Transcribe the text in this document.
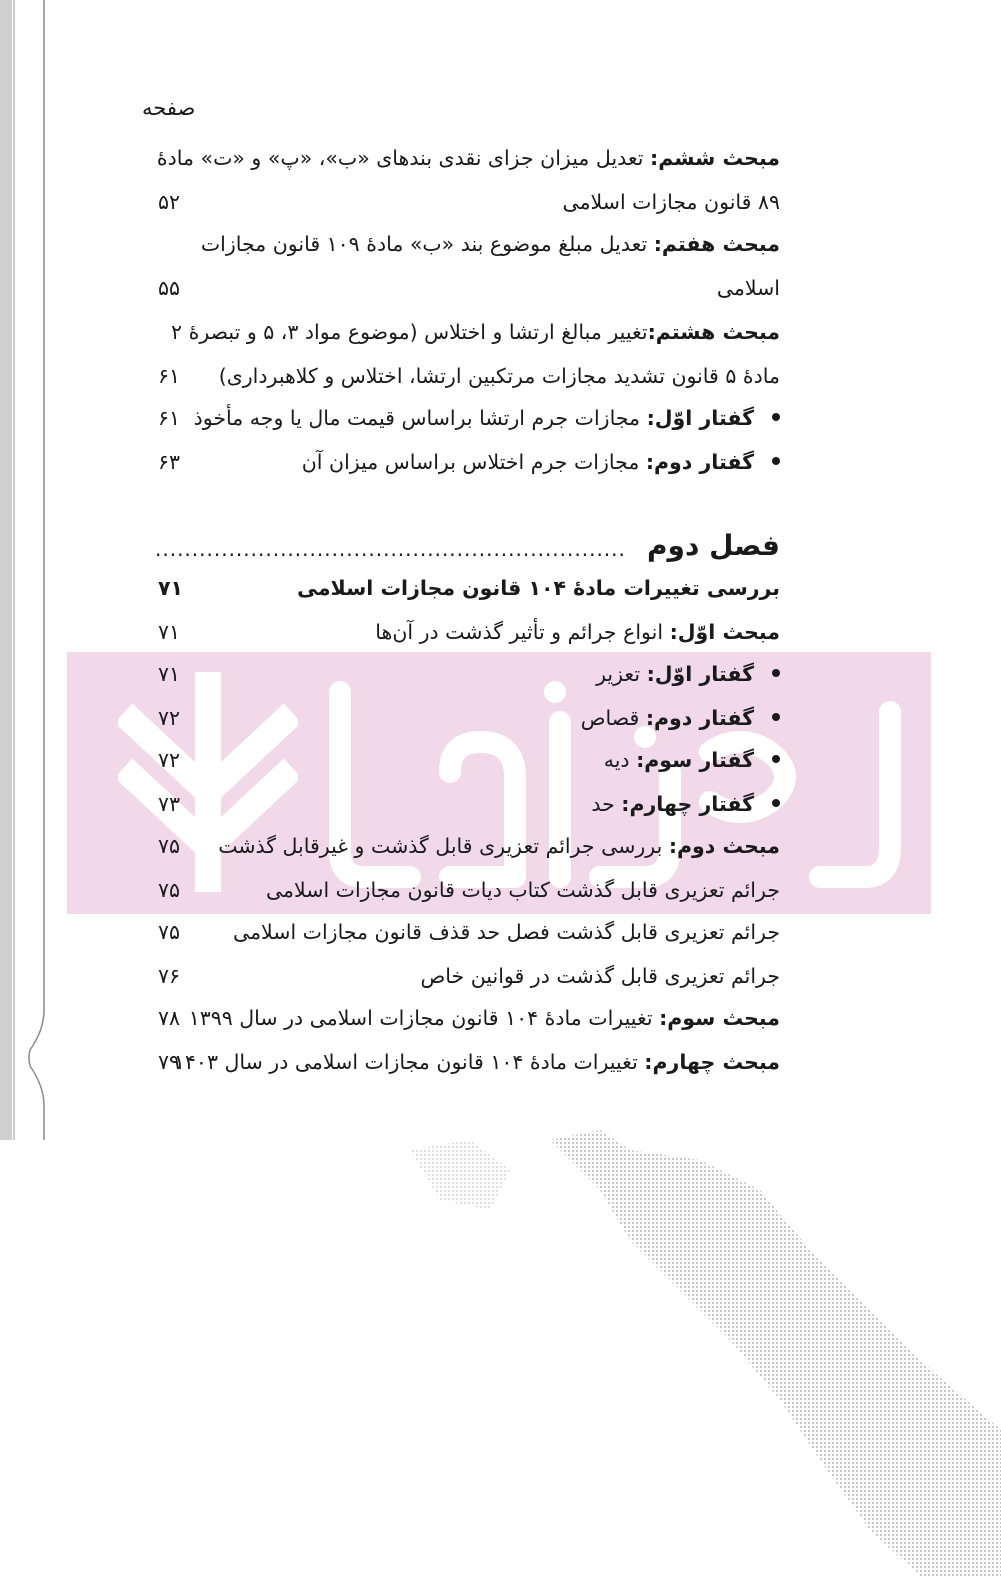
صفحه
مبحث ششم: تعدیل میزان جزای نقدی بندهای «ب»، «پ» و «ت» مادۀ
۸۹ قانون مجازات اسلامی
۵۲
مبحث هفتم: تعدیل مبلغ موضوع بند «ب» مادۀ ۱۰۹ قانون مجازات
اسلامی
۵۵
مبحث هشتم:تغییر مبالغ ارتشا و اختلاس (موضوع مواد ۳، ۵ و تبصرۀ ۲
مادۀ ۵ قانون تشدید مجازات مرتکبین ارتشا، اختلاس و کلاهبرداری)
۶۱
گفتار اوّل: مجازات جرم ارتشا براساس قیمت مال یا وجه مأخوذ
۶۱
گفتار دوم: مجازات جرم اختلاس براساس میزان آن
۶۳
فصل دوم
................................................................
بررسی تغییرات مادۀ ۱۰۴ قانون مجازات اسلامی
۷۱
مبحث اوّل: انواع جرائم و تأثیر گذشت در آن‌ها
۷۱
گفتار اوّل: تعزیر
۷۱
گفتار دوم: قصاص
۷۲
گفتار سوم: دیه
۷۲
گفتار چهارم: حد
۷۳
مبحث دوم: بررسی جرائم تعزیری قابل گذشت و غیرقابل گذشت
۷۵
جرائم تعزیری قابل گذشت کتاب دیات قانون مجازات اسلامی
۷۵
جرائم تعزیری قابل گذشت فصل حد قذف قانون مجازات اسلامی
۷۵
جرائم تعزیری قابل گذشت در قوانین خاص
۷۶
مبحث سوم: تغییرات مادۀ ۱۰۴ قانون مجازات اسلامی در سال ۱۳۹۹
۷۸
مبحث چهارم: تغییرات مادۀ ۱۰۴ قانون مجازات اسلامی در سال ۱۴۰۳
۷۹
